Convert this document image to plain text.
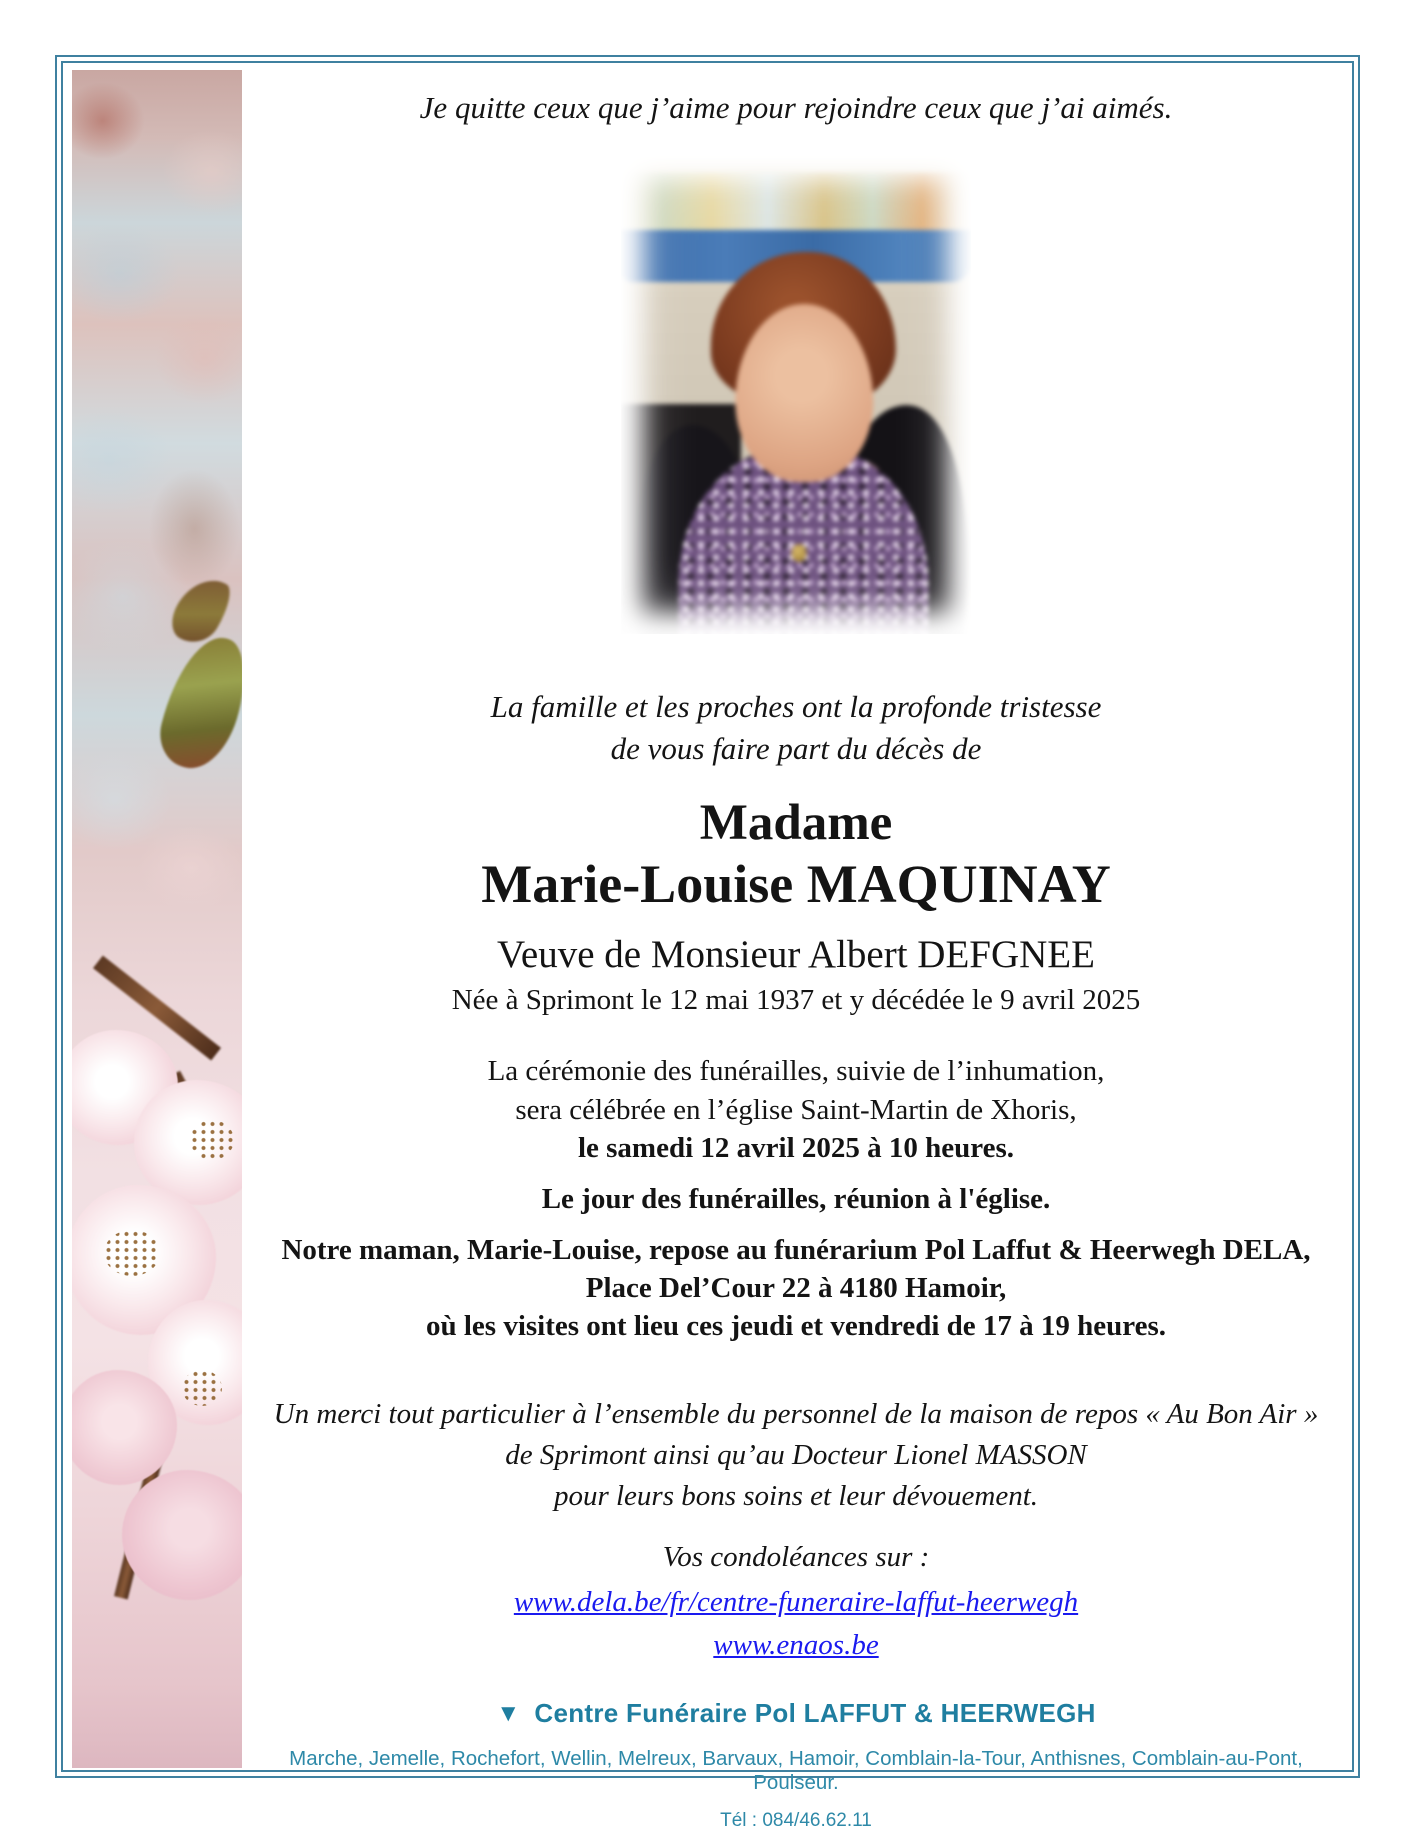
Je quitte ceux que j’aime pour rejoindre ceux que j’ai aimés.
La famille et les proches ont la profonde tristesse
de vous faire part du décès de
Madame
Marie-Louise MAQUINAY
Veuve de Monsieur Albert DEFGNEE
Née à Sprimont le 12 mai 1937 et y décédée le 9 avril 2025
La cérémonie des funérailles, suivie de l’inhumation,
sera célébrée en l’église Saint-Martin de Xhoris,
le samedi 12 avril 2025 à 10 heures.
Le jour des funérailles, réunion à l'église.
Notre maman, Marie-Louise, repose au funérarium Pol Laffut & Heerwegh DELA,
Place Del’Cour 22 à 4180 Hamoir,
où les visites ont lieu ces jeudi et vendredi de 17 à 19 heures.
Un merci tout particulier à l’ensemble du personnel de la maison de repos « Au Bon Air »
de Sprimont ainsi qu’au Docteur Lionel MASSON
pour leurs bons soins et leur dévouement.
Vos condoléances sur :
www.dela.be/fr/centre-funeraire-laffut-heerwegh
www.enaos.be
▼ Centre Funéraire Pol LAFFUT & HEERWEGH
Marche, Jemelle, Rochefort, Wellin, Melreux, Barvaux, Hamoir, Comblain-la-Tour, Anthisnes, Comblain-au-Pont, Poulseur.
Tél : 084/46.62.11
